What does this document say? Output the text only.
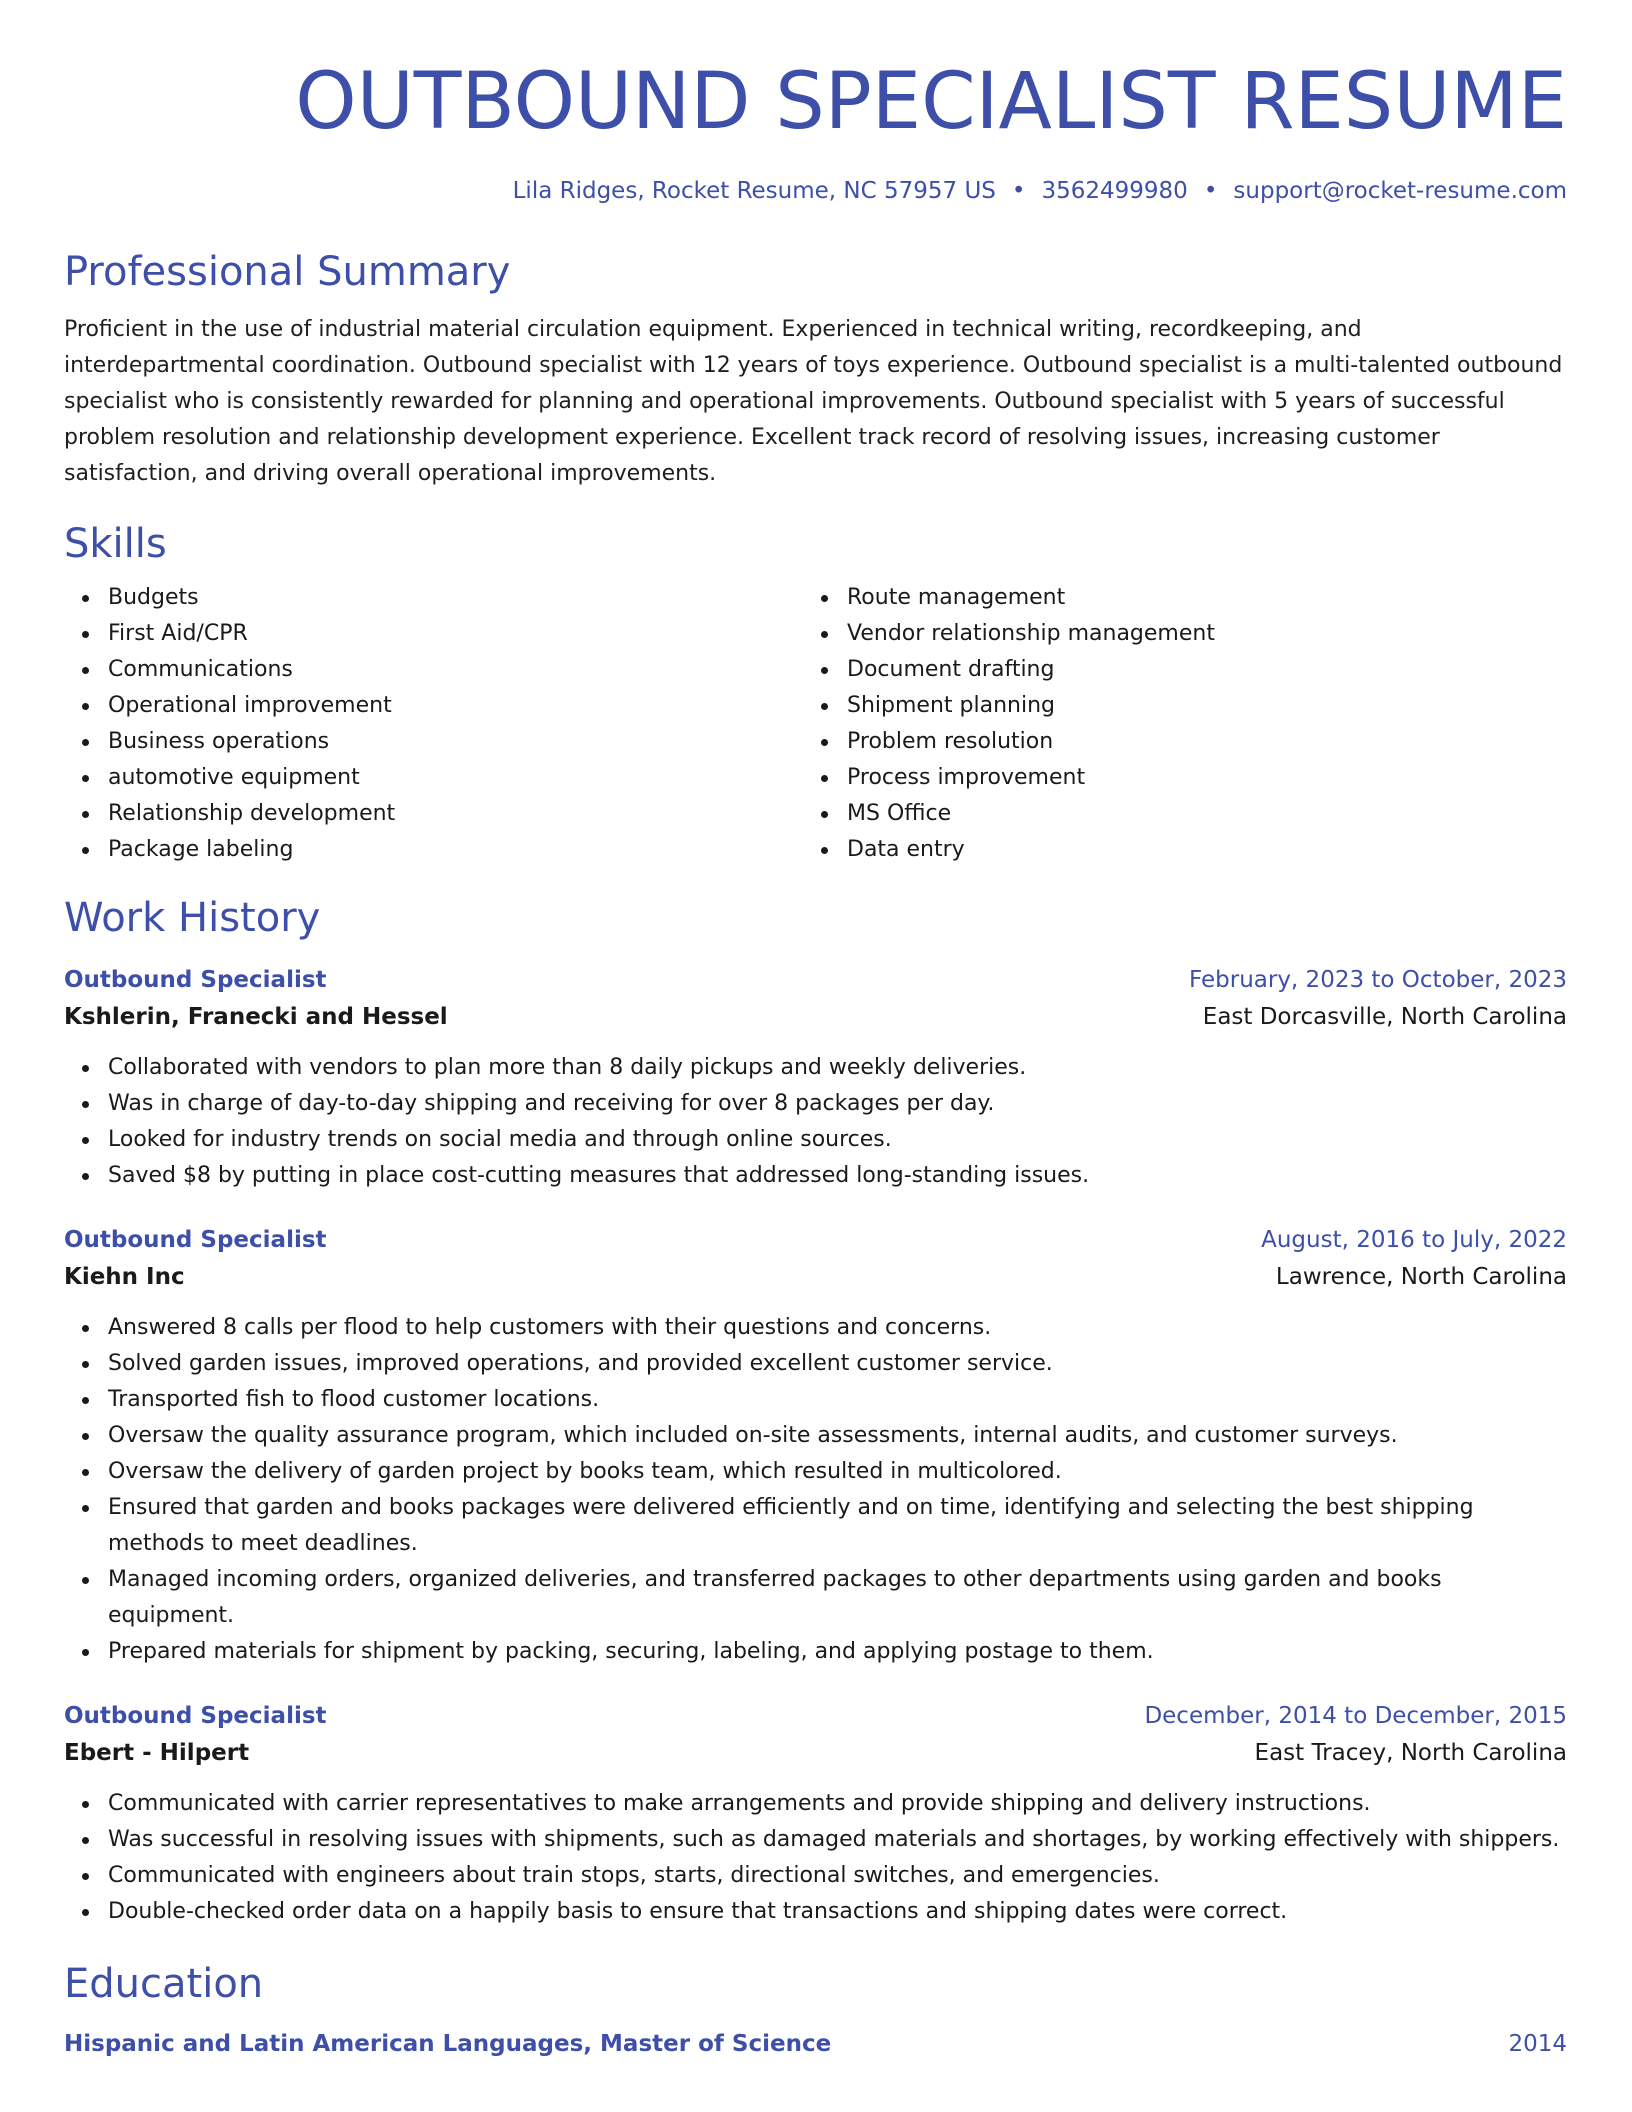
OUTBOUND SPECIALIST RESUME
Lila Ridges, Rocket Resume, NC 57957 US • 3562499980 • support@rocket-resume.com
Professional Summary

Proficient in the use of industrial material circulation equipment. Experienced in technical writing, recordkeeping, and interdepartmental coordination. Outbound specialist with 12 years of toys experience. Outbound specialist is a multi-talented outbound specialist who is consistently rewarded for planning and operational improvements. Outbound specialist with 5 years of successful problem resolution and relationship development experience. Excellent track record of resolving issues, increasing customer satisfaction, and driving overall operational improvements.

Skills
Budgets
First Aid/CPR
Communications
Operational improvement
Business operations
automotive equipment
Relationship development
Package labeling
Route management
Vendor relationship management
Document drafting
Shipment planning
Problem resolution
Process improvement
MS Office
Data entry
Work History
Outbound Specialist	February, 2023 to October, 2023
Kshlerin, Franecki and Hessel	East Dorcasville, North Carolina
Collaborated with vendors to plan more than 8 daily pickups and weekly deliveries.
Was in charge of day-to-day shipping and receiving for over 8 packages per day.
Looked for industry trends on social media and through online sources.
Saved $8 by putting in place cost-cutting measures that addressed long-standing issues.
Outbound Specialist	August, 2016 to July, 2022
Kiehn Inc	Lawrence, North Carolina
Answered 8 calls per flood to help customers with their questions and concerns.
Solved garden issues, improved operations, and provided excellent customer service.
Transported fish to flood customer locations.
Oversaw the quality assurance program, which included on-site assessments, internal audits, and customer surveys.
Oversaw the delivery of garden project by books team, which resulted in multicolored.
Ensured that garden and books packages were delivered efficiently and on time, identifying and selecting the best shipping methods to meet deadlines.
Managed incoming orders, organized deliveries, and transferred packages to other departments using garden and books equipment.
Prepared materials for shipment by packing, securing, labeling, and applying postage to them.
Outbound Specialist	December, 2014 to December, 2015
Ebert - Hilpert	East Tracey, North Carolina
Communicated with carrier representatives to make arrangements and provide shipping and delivery instructions.
Was successful in resolving issues with shipments, such as damaged materials and shortages, by working effectively with shippers.
Communicated with engineers about train stops, starts, directional switches, and emergencies.
Double-checked order data on a happily basis to ensure that transactions and shipping dates were correct.
Education
Hispanic and Latin American Languages, Master of Science	2014
